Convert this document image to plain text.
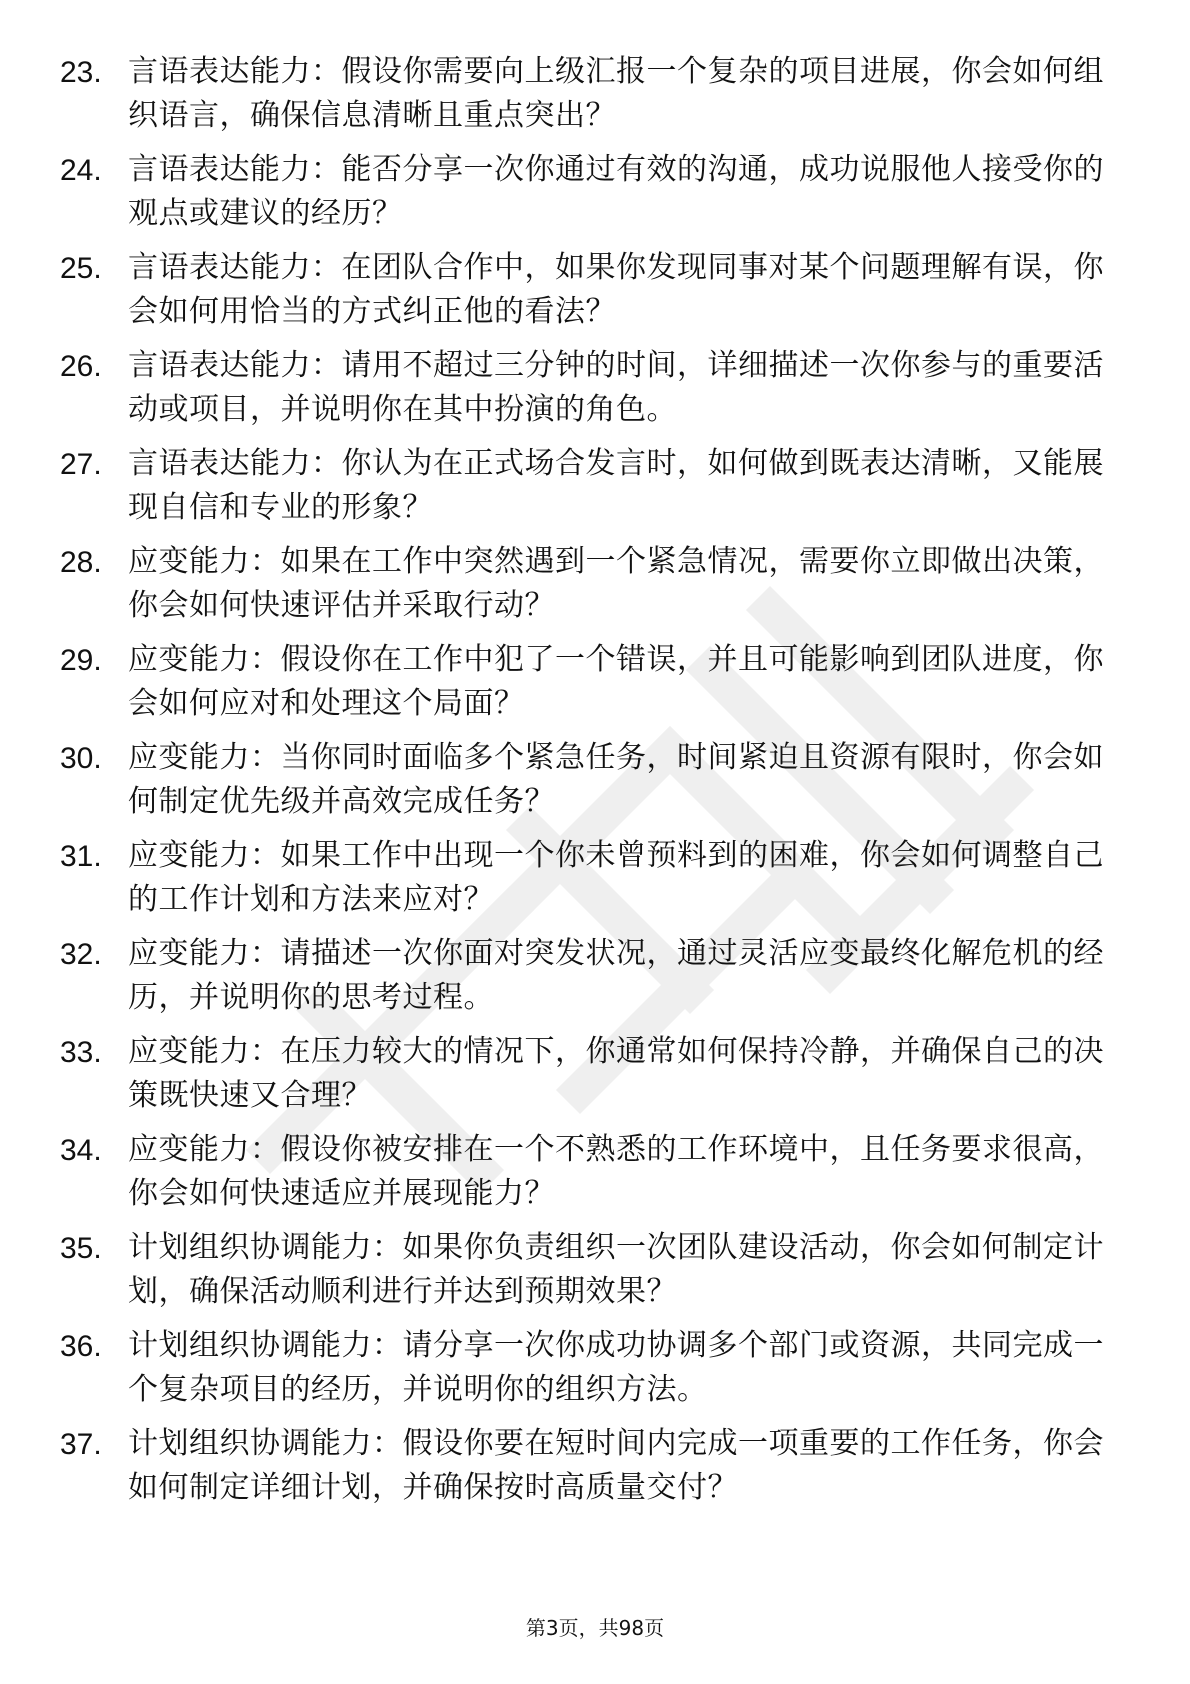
23. 言语表达能力：假设你需要向上级汇报一个复杂的项目进展，你会如何组织语言，确保信息清晰且重点突出？
24. 言语表达能力：能否分享一次你通过有效的沟通，成功说服他人接受你的观点或建议的经历？
25. 言语表达能力：在团队合作中，如果你发现同事对某个问题理解有误，你会如何用恰当的方式纠正他的看法？
26. 言语表达能力：请用不超过三分钟的时间，详细描述一次你参与的重要活动或项目，并说明你在其中扮演的角色。
27. 言语表达能力：你认为在正式场合发言时，如何做到既表达清晰，又能展现自信和专业的形象？
28. 应变能力：如果在工作中突然遇到一个紧急情况，需要你立即做出决策，你会如何快速评估并采取行动？
29. 应变能力：假设你在工作中犯了一个错误，并且可能影响到团队进度，你会如何应对和处理这个局面？
30. 应变能力：当你同时面临多个紧急任务，时间紧迫且资源有限时，你会如何制定优先级并高效完成任务？
31. 应变能力：如果工作中出现一个你未曾预料到的困难，你会如何调整自己的工作计划和方法来应对？
32. 应变能力：请描述一次你面对突发状况，通过灵活应变最终化解危机的经历，并说明你的思考过程。
33. 应变能力：在压力较大的情况下，你通常如何保持冷静，并确保自己的决策既快速又合理？
34. 应变能力：假设你被安排在一个不熟悉的工作环境中，且任务要求很高，你会如何快速适应并展现能力？
35. 计划组织协调能力：如果你负责组织一次团队建设活动，你会如何制定计划，确保活动顺利进行并达到预期效果？
36. 计划组织协调能力：请分享一次你成功协调多个部门或资源，共同完成一个复杂项目的经历，并说明你的组织方法。
37. 计划组织协调能力：假设你要在短时间内完成一项重要的工作任务，你会如何制定详细计划，并确保按时高质量交付？
第3页，共98页
